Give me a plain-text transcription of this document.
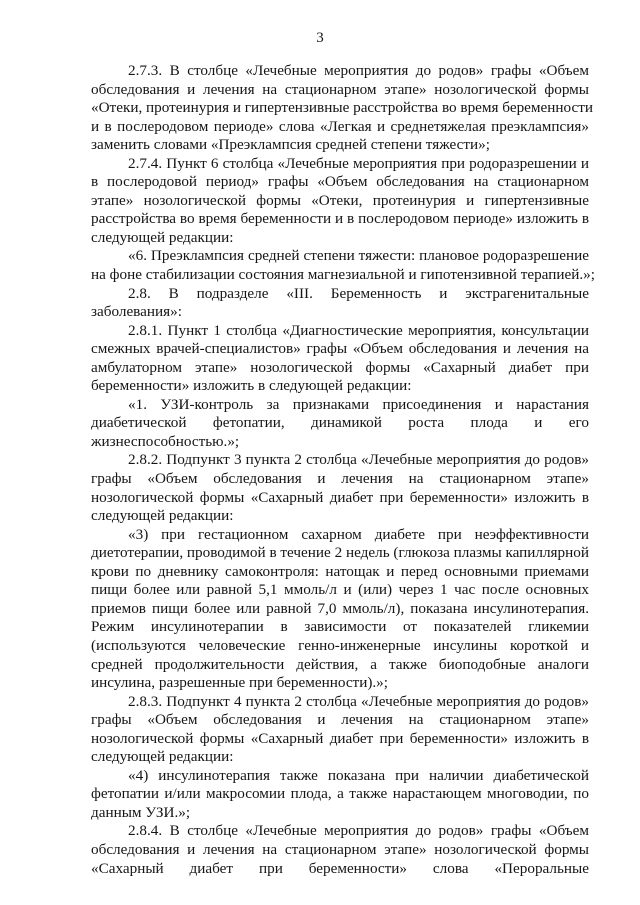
3
2.7.3. В столбце «Лечебные мероприятия до родов» графы «Объем
обследования и лечения на стационарном этапе» нозологической формы
«Отеки, протеинурия и гипертензивные расстройства во время беременности
и в послеродовом периоде» слова «Легкая и среднетяжелая преэклампсия»
заменить словами «Преэклампсия средней степени тяжести»;
2.7.4. Пункт 6 столбца «Лечебные мероприятия при родоразрешении и
в послеродовой период» графы «Объем обследования на стационарном
этапе» нозологической формы «Отеки, протеинурия и гипертензивные
расстройства во время беременности и в послеродовом периоде» изложить в
следующей редакции:
«6. Преэклампсия средней степени тяжести: плановое родоразрешение
на фоне стабилизации состояния магнезиальной и гипотензивной терапией.»;
2.8. В подразделе «III. Беременность и экстрагенитальные
заболевания»:
2.8.1. Пункт 1 столбца «Диагностические мероприятия, консультации
смежных врачей-специалистов» графы «Объем обследования и лечения на
амбулаторном этапе» нозологической формы «Сахарный диабет при
беременности» изложить в следующей редакции:
«1. УЗИ-контроль за признаками присоединения и нарастания
диабетической фетопатии, динамикой роста плода и его
жизнеспособностью.»;
2.8.2. Подпункт 3 пункта 2 столбца «Лечебные мероприятия до родов»
графы «Объем обследования и лечения на стационарном этапе»
нозологической формы «Сахарный диабет при беременности» изложить в
следующей редакции:
«3) при гестационном сахарном диабете при неэффективности
диетотерапии, проводимой в течение 2 недель (глюкоза плазмы капиллярной
крови по дневнику самоконтроля: натощак и перед основными приемами
пищи более или равной 5,1 ммоль/л и (или) через 1 час после основных
приемов пищи более или равной 7,0 ммоль/л), показана инсулинотерапия.
Режим инсулинотерапии в зависимости от показателей гликемии
(используются человеческие генно-инженерные инсулины короткой и
средней продолжительности действия, а также биоподобные аналоги
инсулина, разрешенные при беременности).»;
2.8.3. Подпункт 4 пункта 2 столбца «Лечебные мероприятия до родов»
графы «Объем обследования и лечения на стационарном этапе»
нозологической формы «Сахарный диабет при беременности» изложить в
следующей редакции:
«4) инсулинотерапия также показана при наличии диабетической
фетопатии и/или макросомии плода, а также нарастающем многоводии, по
данным УЗИ.»;
2.8.4. В столбце «Лечебные мероприятия до родов» графы «Объем
обследования и лечения на стационарном этапе» нозологической формы
«Сахарный диабет при беременности» слова «Пероральные
